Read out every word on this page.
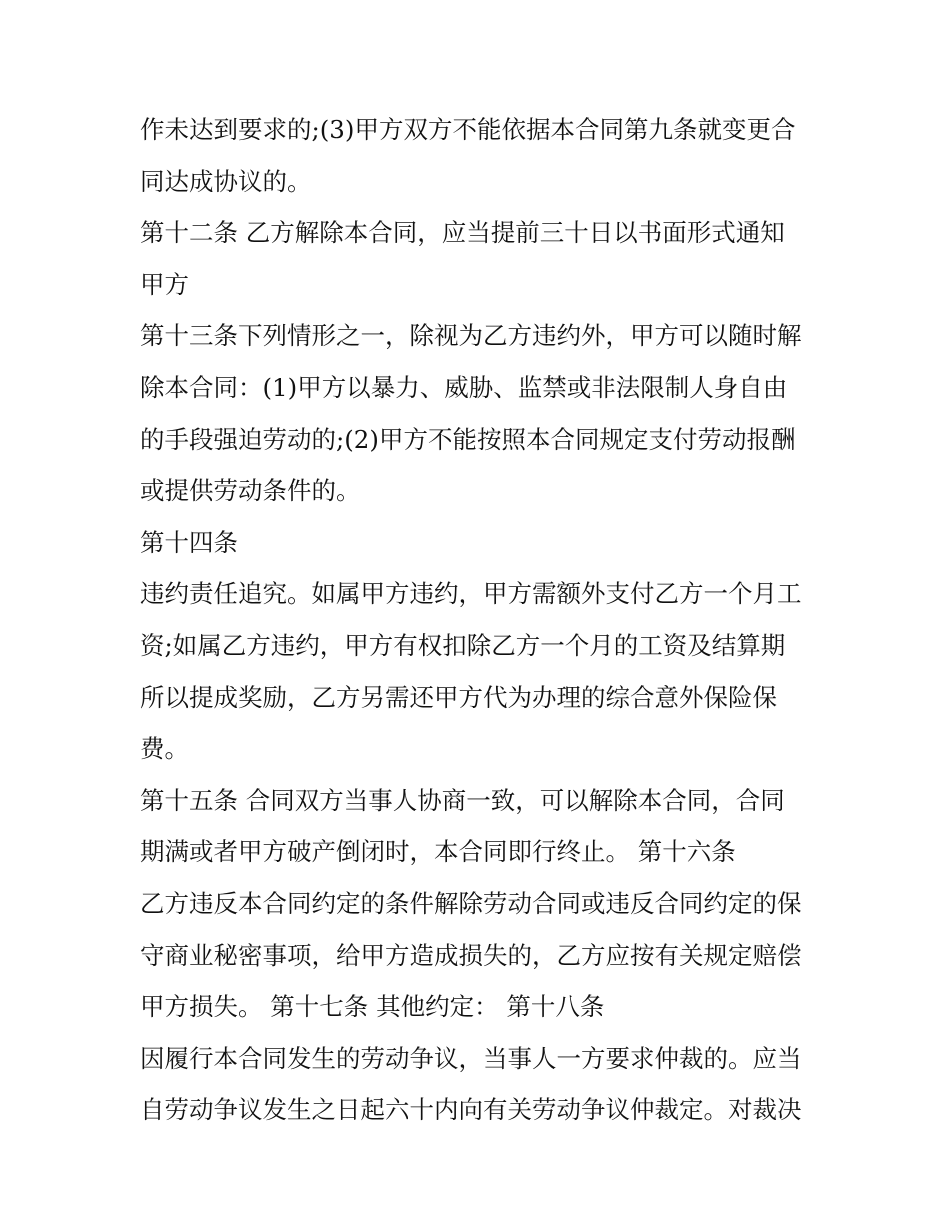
作未达到要求的;(3)甲方双方不能依据本合同第九条就变更合
同达成协议的。
第十二条 乙方解除本合同，应当提前三十日以书面形式通知
甲方
第十三条下列情形之一，除视为乙方违约外，甲方可以随时解
除本合同：(1)甲方以暴力、威胁、监禁或非法限制人身自由
的手段强迫劳动的;(2)甲方不能按照本合同规定支付劳动报酬
或提供劳动条件的。
第十四条
违约责任追究。如属甲方违约，甲方需额外支付乙方一个月工
资;如属乙方违约，甲方有权扣除乙方一个月的工资及结算期
所以提成奖励，乙方另需还甲方代为办理的综合意外保险保
费。
第十五条 合同双方当事人协商一致，可以解除本合同，合同
期满或者甲方破产倒闭时，本合同即行终止。 第十六条
乙方违反本合同约定的条件解除劳动合同或违反合同约定的保
守商业秘密事项，给甲方造成损失的，乙方应按有关规定赔偿
甲方损失。 第十七条 其他约定： 第十八条
因履行本合同发生的劳动争议，当事人一方要求仲裁的。应当
自劳动争议发生之日起六十内向有关劳动争议仲裁定。对裁决
